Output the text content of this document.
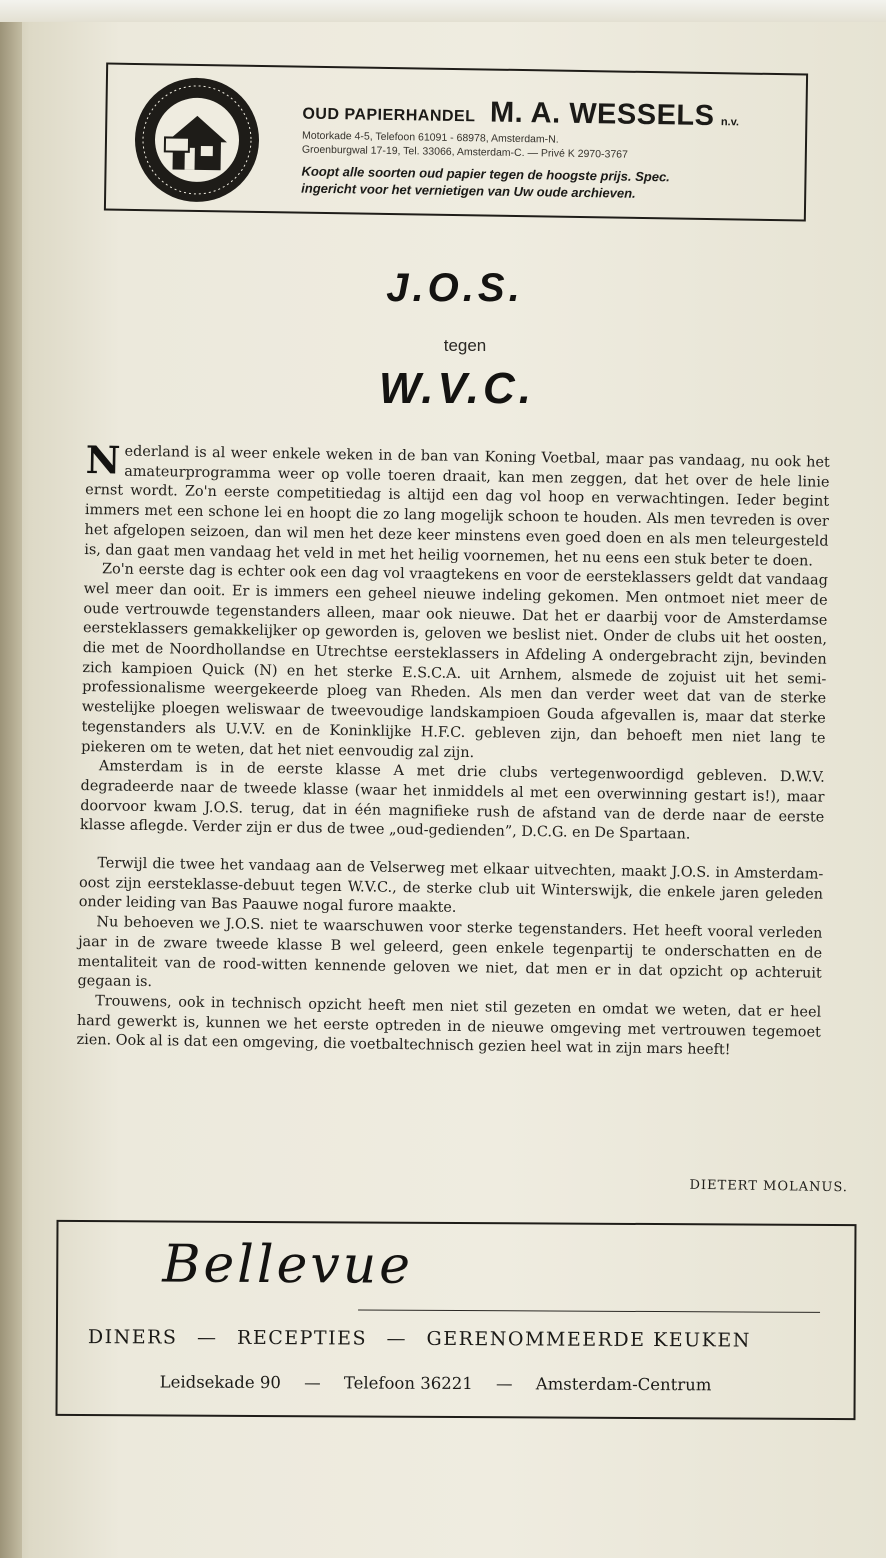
OUD PAPIERHANDEL M. A. WESSELS n.v.
Motorkade 4-5, Telefoon 61091 - 68978, Amsterdam-N.
Groenburgwal 17-19, Tel. 33066, Amsterdam-C. — Privé K 2970-3767
Koopt alle soorten oud papier tegen de hoogste prijs. Spec.
ingericht voor het vernietigen van Uw oude archieven.
J.O.S.
tegen
W.V.C.

Nederland is al weer enkele weken in de ban van Koning Voetbal, maar pas vandaag, nu ook het amateurprogramma weer op volle toeren draait, kan men zeggen, dat het over de hele linie ernst wordt. Zo'n eerste competitiedag is altijd een dag vol hoop en verwachtingen. Ieder begint immers met een schone lei en hoopt die zo lang mogelijk schoon te houden. Als men tevreden is over het afgelopen seizoen, dan wil men het deze keer minstens even goed doen en als men teleurgesteld is, dan gaat men vandaag het veld in met het heilig voornemen, het nu eens een stuk beter te doen.

Zo'n eerste dag is echter ook een dag vol vraagtekens en voor de eersteklassers geldt dat vandaag wel meer dan ooit. Er is immers een geheel nieuwe indeling gekomen. Men ontmoet niet meer de oude vertrouwde tegenstanders alleen, maar ook nieuwe. Dat het er daarbij voor de Amsterdamse eersteklassers gemakkelijker op geworden is, geloven we beslist niet. Onder de clubs uit het oosten, die met de Noordhollandse en Utrechtse eersteklassers in Afdeling A ondergebracht zijn, bevinden zich kampioen Quick (N) en het sterke E.S.C.A. uit Arnhem, alsmede de zojuist uit het semi-professionalisme weergekeerde ploeg van Rheden. Als men dan verder weet dat van de sterke westelijke ploegen weliswaar de tweevoudige landskampioen Gouda afgevallen is, maar dat sterke tegenstanders als U.V.V. en de Koninklijke H.F.C. gebleven zijn, dan behoeft men niet lang te piekeren om te weten, dat het niet eenvoudig zal zijn.

Amsterdam is in de eerste klasse A met drie clubs vertegenwoordigd gebleven. D.W.V. degradeerde naar de tweede klasse (waar het inmiddels al met een overwinning gestart is!), maar doorvoor kwam J.O.S. terug, dat in één magnifieke rush de afstand van de derde naar de eerste klasse aflegde. Verder zijn er dus de twee „oud-gedienden”, D.C.G. en De Spartaan.

Terwijl die twee het vandaag aan de Velserweg met elkaar uitvechten, maakt J.O.S. in Amsterdam-oost zijn eersteklasse-debuut tegen W.V.C., de sterke club uit Winterswijk, die enkele jaren geleden onder leiding van Bas Paauwe nogal furore maakte.

Nu behoeven we J.O.S. niet te waarschuwen voor sterke tegenstanders. Het heeft vooral verleden jaar in de zware tweede klasse B wel geleerd, geen enkele tegenpartij te onderschatten en de mentaliteit van de rood-witten kennende geloven we niet, dat men er in dat opzicht op achteruit gegaan is.

Trouwens, ook in technisch opzicht heeft men niet stil gezeten en omdat we weten, dat er heel hard gewerkt is, kunnen we het eerste optreden in de nieuwe omgeving met vertrouwen tegemoet zien. Ook al is dat een omgeving, die voetbaltechnisch gezien heel wat in zijn mars heeft!

DIETERT MOLANUS.
Bellevue
DINERS — RECEPTIES — GERENOMMEERDE KEUKEN
Leidsekade 90 — Telefoon 36221 — Amsterdam-Centrum
